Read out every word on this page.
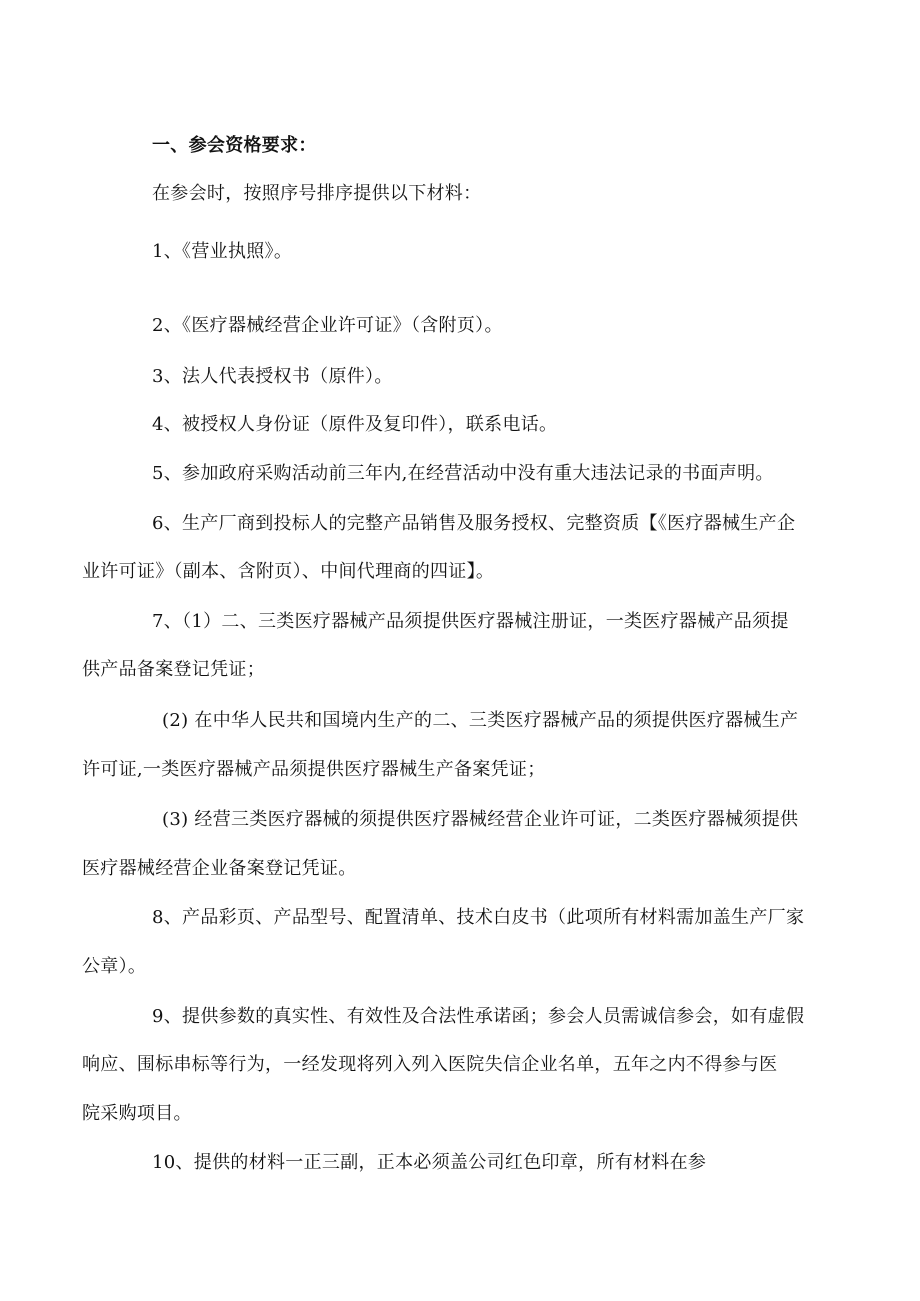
一、参会资格要求：
在参会时，按照序号排序提供以下材料：
1、《营业执照》。
2、《医疗器械经营企业许可证》（含附页）。
3、法人代表授权书（原件）。
4、被授权人身份证（原件及复印件），联系电话。
5、参加政府采购活动前三年内,在经营活动中没有重大违法记录的书面声明。
6、生产厂商到投标人的完整产品销售及服务授权、完整资质【《医疗器械生产企
业许可证》（副本、含附页）、中间代理商的四证】。
7、（1）二、三类医疗器械产品须提供医疗器械注册证，一类医疗器械产品须提
供产品备案登记凭证；
(2) 在中华人民共和国境内生产的二、三类医疗器械产品的须提供医疗器械生产
许可证,一类医疗器械产品须提供医疗器械生产备案凭证；
(3) 经营三类医疗器械的须提供医疗器械经营企业许可证，二类医疗器械须提供
医疗器械经营企业备案登记凭证。
8、产品彩页、产品型号、配置清单、技术白皮书（此项所有材料需加盖生产厂家
公章）。
9、提供参数的真实性、有效性及合法性承诺函；参会人员需诚信参会，如有虚假
响应、围标串标等行为，一经发现将列入列入医院失信企业名单，五年之内不得参与医
院采购项目。
10、提供的材料一正三副，正本必须盖公司红色印章，所有材料在参
